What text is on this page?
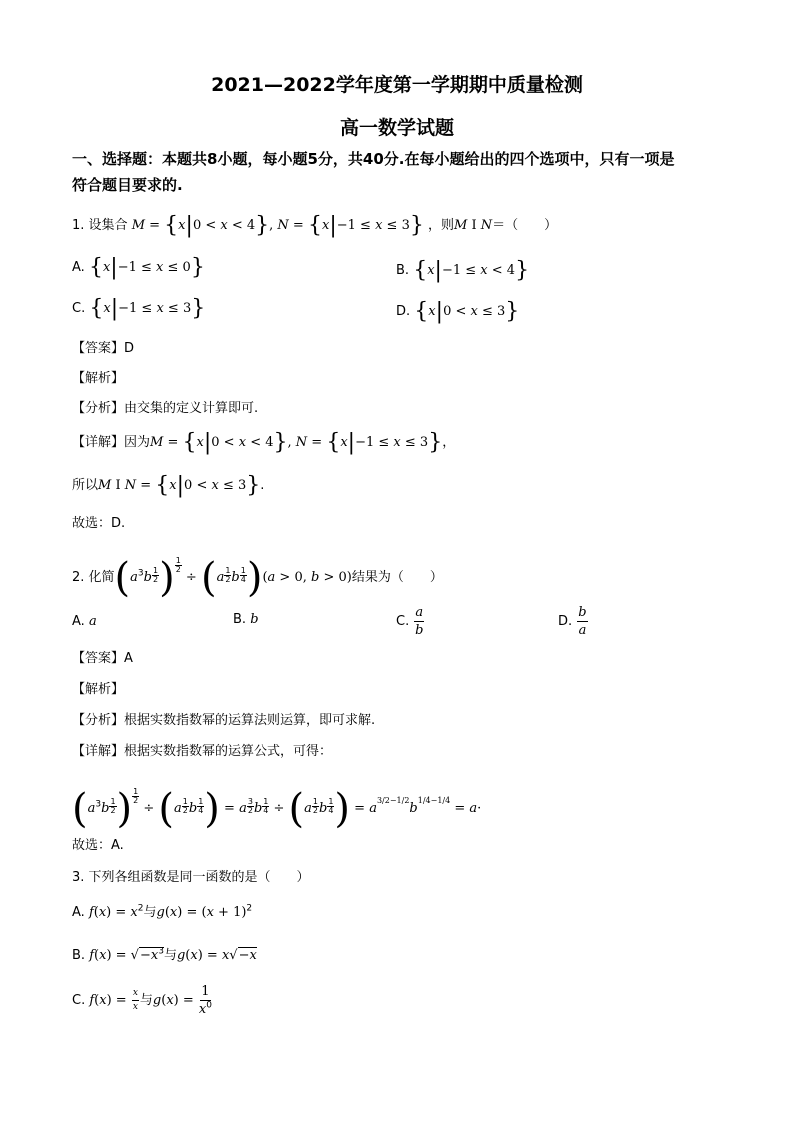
2021—2022学年度第一学期期中质量检测
高一数学试题
一、选择题：本题共8小题，每小题5分，共40分.在每小题给出的四个选项中，只有一项是
符合题目要求的.
1. 设集合 M = {x|0 < x < 4}, N = {x|−1 ≤ x ≤ 3} ，则M I N＝（　　）
A. {x|−1 ≤ x ≤ 0}	B. {x|−1 ≤ x < 4}
C. {x|−1 ≤ x ≤ 3}	D. {x|0 < x ≤ 3}
【答案】D
【解析】
【分析】由交集的定义计算即可.
【详解】因为M = {x|0 < x < 4}, N = {x|−1 ≤ x ≤ 3}，
所以M I N = {x|0 < x ≤ 3}.
故选：D.
2. 化简($a^3b \frac{1}{2}$ ) $\frac{1}{2}$
÷ ($a \frac{1}{2}$ b $\frac{1}{4} )(a > 0$, b > 0)结果为（　　）
A. a	B. b	C. $\frac{a}{b}$	D. $\frac{b}{a}$
【答案】A
【解析】
【分析】根据实数指数幂的运算法则运算，即可求解.
【详解】根据实数指数幂的运算公式，可得：
($a^3b \frac{1}{2}$ ) $\frac{1}{2}$
÷ ($a \frac{1}{2}$ b $\frac{1}{4}$ ) = a $\frac{3}{2}$ b $\frac{1}{4} \div (a \frac{1}{2}$ b $\frac{1}{4}$ ) = $a^{3/2-1/2}b^{1/4-1/4} = a\cdot$
故选：A.
3. 下列各组函数是同一函数的是（　　）
A. $f(x) = x^2$与$g(x) = (x + 1)^2$
B. $f(x) = √-x^3$与g(x) = x√−x
C. $f(x) = \frac{x}{x}$ 与$g(x) = \frac{1}{x^0}$
